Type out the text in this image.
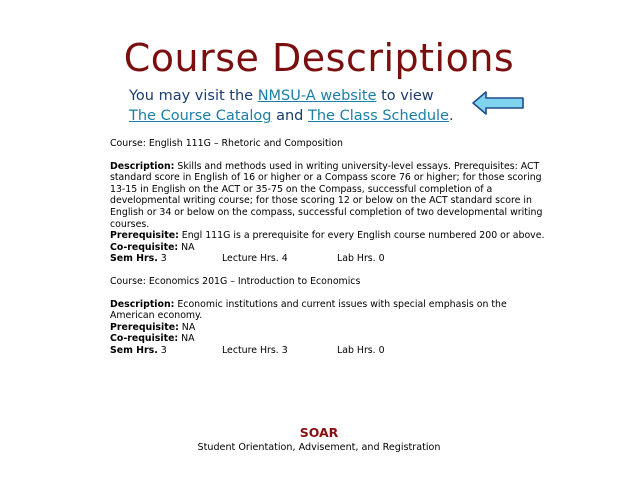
Course Descriptions
You may visit the NMSU-A website to view
The Course Catalog and The Class Schedule.

Course: English 111G – Rhetoric and Composition

Description: Skills and methods used in writing university-level essays. Prerequisites: ACT standard score in English of 16 or higher or a Compass score 76 or higher; for those scoring 13-15 in English on the ACT or 35-75 on the Compass, successful completion of a developmental writing course; for those scoring 12 or below on the ACT standard score in English or 34 or below on the compass, successful completion of two developmental writing courses.

Prerequisite: Engl 111G is a prerequisite for every English course numbered 200 or above.

Co-requisite: NA

Sem Hrs. 3	Lecture Hrs. 4	Lab Hrs. 0

Course: Economics 201G – Introduction to Economics

Description: Economic institutions and current issues with special emphasis on the American economy.

Prerequisite: NA

Co-requisite: NA

Sem Hrs. 3	Lecture Hrs. 3	Lab Hrs. 0
SOAR
Student Orientation, Advisement, and Registration
